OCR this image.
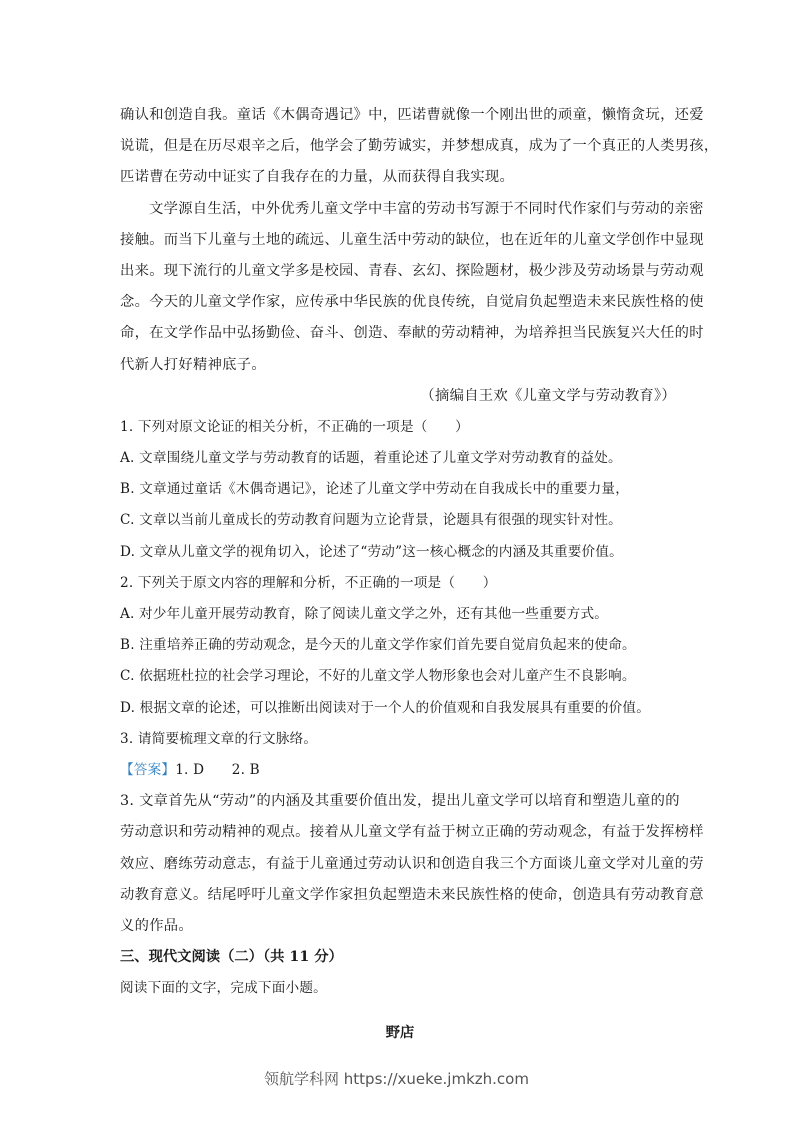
确认和创造自我。童话《木偶奇遇记》中，匹诺曹就像一个刚出世的顽童，懒惰贪玩，还爱
说谎，但是在历尽艰辛之后，他学会了勤劳诚实，并梦想成真，成为了一个真正的人类男孩，
匹诺曹在劳动中证实了自我存在的力量，从而获得自我实现。
文学源自生活，中外优秀儿童文学中丰富的劳动书写源于不同时代作家们与劳动的亲密
接触。而当下儿童与土地的疏远、儿童生活中劳动的缺位，也在近年的儿童文学创作中显现
出来。现下流行的儿童文学多是校园、青春、玄幻、探险题材，极少涉及劳动场景与劳动观
念。今天的儿童文学作家，应传承中华民族的优良传统，自觉肩负起塑造未来民族性格的使
命，在文学作品中弘扬勤俭、奋斗、创造、奉献的劳动精神，为培养担当民族复兴大任的时
代新人打好精神底子。
（摘编自王欢《儿童文学与劳动教育》）
1. 下列对原文论证的相关分析，不正确的一项是（　　）
A. 文章围绕儿童文学与劳动教育的话题，着重论述了儿童文学对劳动教育的益处。
B. 文章通过童话《木偶奇遇记》，论述了儿童文学中劳动在自我成长中的重要力量，
C. 文章以当前儿童成长的劳动教育问题为立论背景，论题具有很强的现实针对性。
D. 文章从儿童文学的视角切入，论述了“劳动”这一核心概念的内涵及其重要价值。
2. 下列关于原文内容的理解和分析，不正确的一项是（　　）
A. 对少年儿童开展劳动教育，除了阅读儿童文学之外，还有其他一些重要方式。
B. 注重培养正确的劳动观念，是今天的儿童文学作家们首先要自觉肩负起来的使命。
C. 依据班杜拉的社会学习理论，不好的儿童文学人物形象也会对儿童产生不良影响。
D. 根据文章的论述，可以推断出阅读对于一个人的价值观和自我发展具有重要的价值。
3. 请简要梳理文章的行文脉络。
【答案】1. D　　2. B
3. 文章首先从“劳动”的内涵及其重要价值出发，提出儿童文学可以培育和塑造儿童的的
劳动意识和劳动精神的观点。接着从儿童文学有益于树立正确的劳动观念，有益于发挥榜样
效应、磨练劳动意志，有益于儿童通过劳动认识和创造自我三个方面谈儿童文学对儿童的劳
动教育意义。结尾呼吁儿童文学作家担负起塑造未来民族性格的使命，创造具有劳动教育意
义的作品。
三、现代文阅读（二）（共 11 分）
阅读下面的文字，完成下面小题。
野店
领航学科网 https://xueke.jmkzh.com
